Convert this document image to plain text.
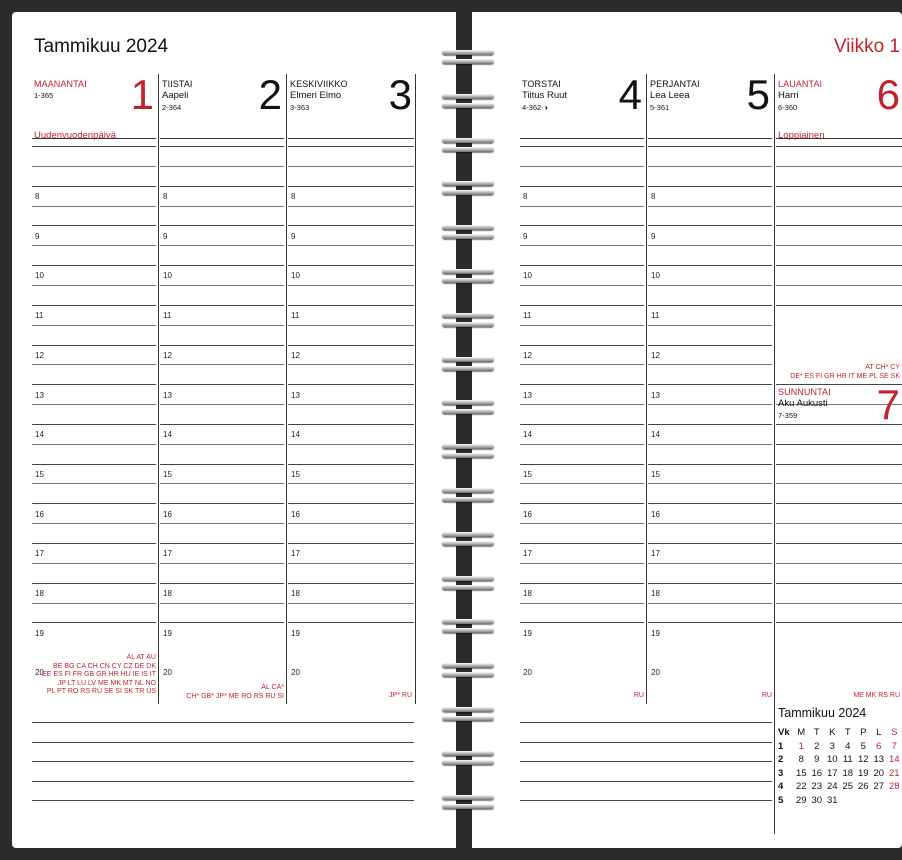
Tammikuu 2024
MAANANTAI
1-365 1 TIISTAI
Aapeli
2-364 2 KESKIVIIKKO
Elmeri Elmo
3-363 3
8	8	8
9	9	9
10	10	10
11	11	11
12	12	12
13	13	13
14	14	14
15	15	15
16	16	16
17	17	17
18	18	18
19	19	19
20	20	20
Uudenvuodenpäivä
AL AT AU
BE BG CA CH CN CY CZ DE DK
EE ES FI FR GB GR HR HU IE IS IT
JP LT LU LV ME MK MT NL NO
PL PT RO RS RU SE SI SK TR US
AL CA*
CH* GB* JP* ME RO RS RU SI	JP* RU
Viikko 1
TORSTAI
Tiitus Ruut
4-362 ◑ 4 PERJANTAI
Lea Leea
5-361 5 LAUANTAI
Harri
6-360 6
8	8
9	9
10	10
11	11
12	12
13	13
14	14
15	15
16	16
17	17
18	18
19	19
20	20
Loppiainen
AT CH* CY
DE* ES FI GR HR IT ME PL SE SK
SUNNUNTAI
Aku Aukusti
7-359 7
RU	RU	ME MK RS RU
Tammikuu 2024
Vk	M	T	K	T	P	L	S
1	1	2	3	4	5	6	7
2	8	9	10	11	12	13	14
3	15	16	17	18	19	20	21
4	22	23	24	25	26	27	28
5	29	30	31				
